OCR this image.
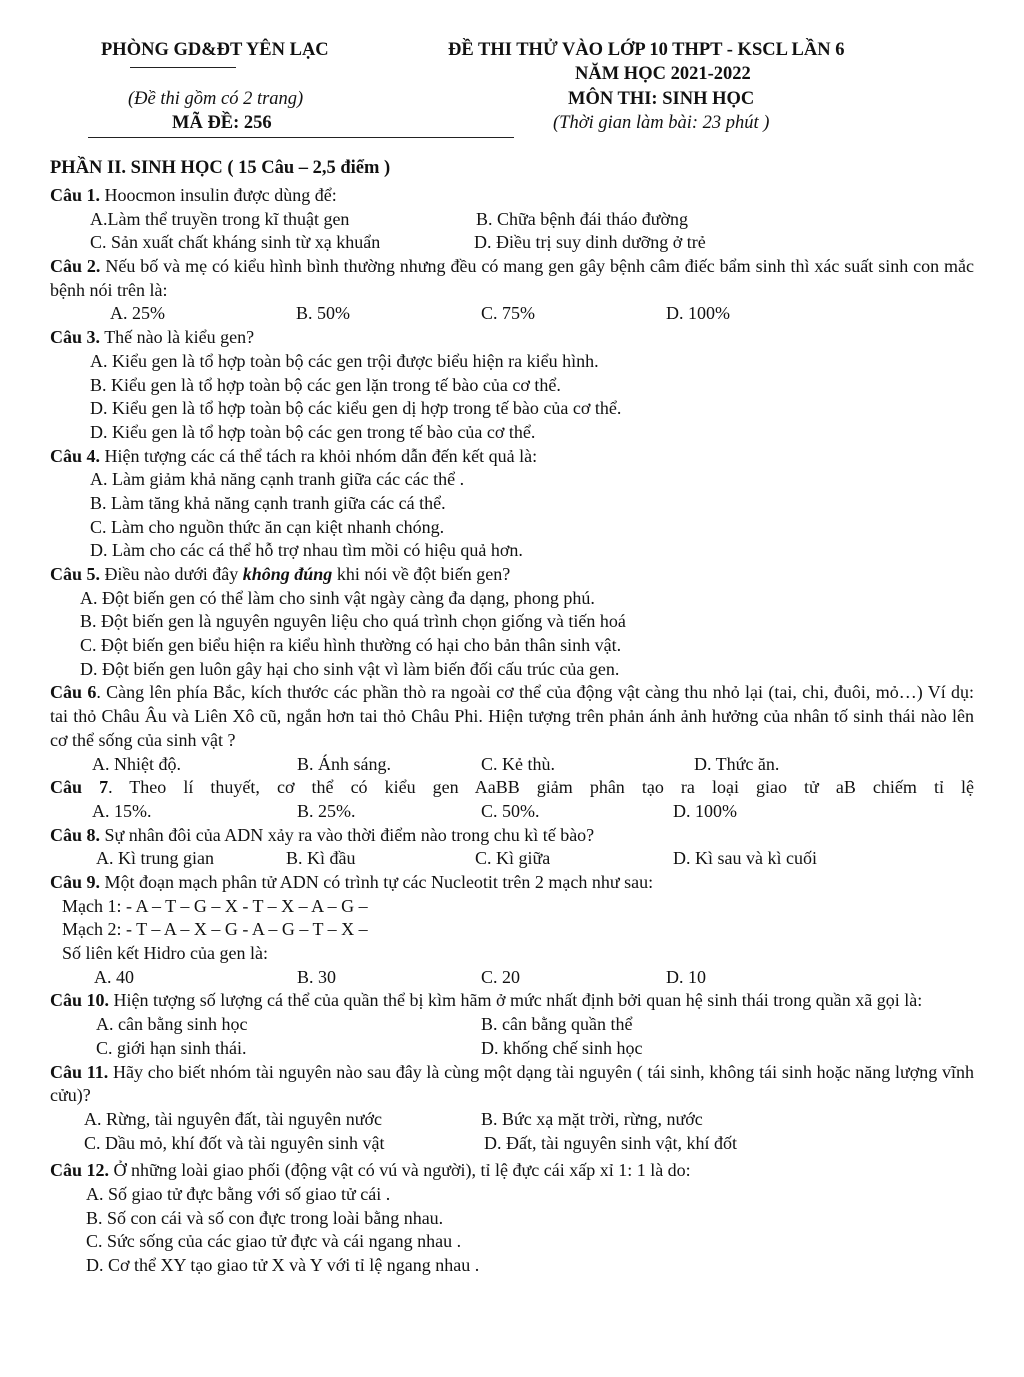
PHÒNG GD&ĐT YÊN LẠC
(Đề thi gồm có 2 trang)
MÃ ĐỀ: 256
ĐỀ THI THỬ VÀO LỚP 10 THPT - KSCL LẦN 6
NĂM HỌC 2021-2022
MÔN THI: SINH HỌC
(Thời gian làm bài: 23 phút )
PHẦN II. SINH HỌC ( 15 Câu – 2,5 điểm )
Câu 1. Hoocmon insulin được dùng để:
A.Làm thể truyền trong kĩ thuật gen	B. Chữa bệnh đái tháo đường
C. Sản xuất chất kháng sinh từ xạ khuẩn	D. Điều trị suy dinh dưỡng ở trẻ
Câu 2. Nếu bố và mẹ có kiểu hình bình thường nhưng đều có mang gen gây bệnh câm điếc bẩm sinh thì xác suất sinh con mắc bệnh nói trên là:
A. 25%	B. 50%	C. 75%	D. 100%
Câu 3. Thế nào là kiểu gen?
A. Kiểu gen là tổ hợp toàn bộ các gen trội được biểu hiện ra kiểu hình.
B. Kiểu gen là tổ hợp toàn bộ các gen lặn trong tế bào của cơ thể.
D. Kiểu gen là tổ hợp toàn bộ các kiểu gen dị hợp trong tế bào của cơ thể.
D. Kiểu gen là tổ hợp toàn bộ các gen trong tế bào của cơ thể.
Câu 4. Hiện tượng các cá thể tách ra khỏi nhóm dẫn đến kết quả là:
A. Làm giảm khả năng cạnh tranh giữa các các thể .
B. Làm tăng khả năng cạnh tranh giữa các cá thể.
C. Làm cho nguồn thức ăn cạn kiệt nhanh chóng.
D. Làm cho các cá thể hỗ trợ nhau tìm mồi có hiệu quả hơn.
Câu 5. Điều nào dưới đây không đúng khi nói về đột biến gen?
A. Đột biến gen có thể làm cho sinh vật ngày càng đa dạng, phong phú.
B. Đột biến gen là nguyên nguyên liệu cho quá trình chọn giống và tiến hoá
C. Đột biến gen biểu hiện ra kiểu hình thường có hại cho bản thân sinh vật.
D. Đột biến gen luôn gây hại cho sinh vật vì làm biến đối cấu trúc của gen.
Câu 6. Càng lên phía Bắc, kích thước các phần thò ra ngoài cơ thể của động vật càng thu nhỏ lại (tai, chi, đuôi, mỏ…) Ví dụ: tai thỏ Châu Âu và Liên Xô cũ, ngắn hơn tai thỏ Châu Phi. Hiện tượng trên phản ánh ảnh hưởng của nhân tố sinh thái nào lên cơ thể sống của sinh vật ?
A. Nhiệt độ.	B. Ánh sáng.	C. Kẻ thù.	D. Thức ăn.
Câu 7. Theo lí thuyết, cơ thể có kiểu gen AaBB giảm phân tạo ra loại giao tử aB chiếm tỉ lệ
A. 15%.	B. 25%.	C. 50%.	D. 100%
Câu 8. Sự nhân đôi của ADN xảy ra vào thời điểm nào trong chu kì tế bào?
A. Kì trung gian	B. Kì đầu	C. Kì giữa	D. Kì sau và kì cuối
Câu 9. Một đoạn mạch phân tử ADN có trình tự các Nucleotit trên 2 mạch như sau:
Mạch 1: - A – T – G – X - T – X – A – G –
Mạch 2: - T – A – X – G - A – G – T – X –
Số liên kết Hidro của gen là:
A. 40	B. 30	C. 20	D. 10
Câu 10. Hiện tượng số lượng cá thể của quần thể bị kìm hãm ở mức nhất định bởi quan hệ sinh thái trong quần xã gọi là:
A. cân bằng sinh học	B. cân bằng quần thể
C. giới hạn sinh thái.	D. khống chế sinh học
Câu 11. Hãy cho biết nhóm tài nguyên nào sau đây là cùng một dạng tài nguyên ( tái sinh, không tái sinh hoặc năng lượng vĩnh cửu)?
A. Rừng, tài nguyên đất, tài nguyên nước	B. Bức xạ mặt trời, rừng, nước
C. Dầu mỏ, khí đốt và tài nguyên sinh vật	D. Đất, tài nguyên sinh vật, khí đốt
Câu 12. Ở những loài giao phối (động vật có vú và người), tỉ lệ đực cái xấp xỉ 1: 1 là do:
A. Số giao tử đực bằng với số giao tử cái .
B. Số con cái và số con đực trong loài bằng nhau.
C. Sức sống của các giao tử đực và cái ngang nhau .
D. Cơ thể XY tạo giao tử X và Y với tỉ lệ ngang nhau .
